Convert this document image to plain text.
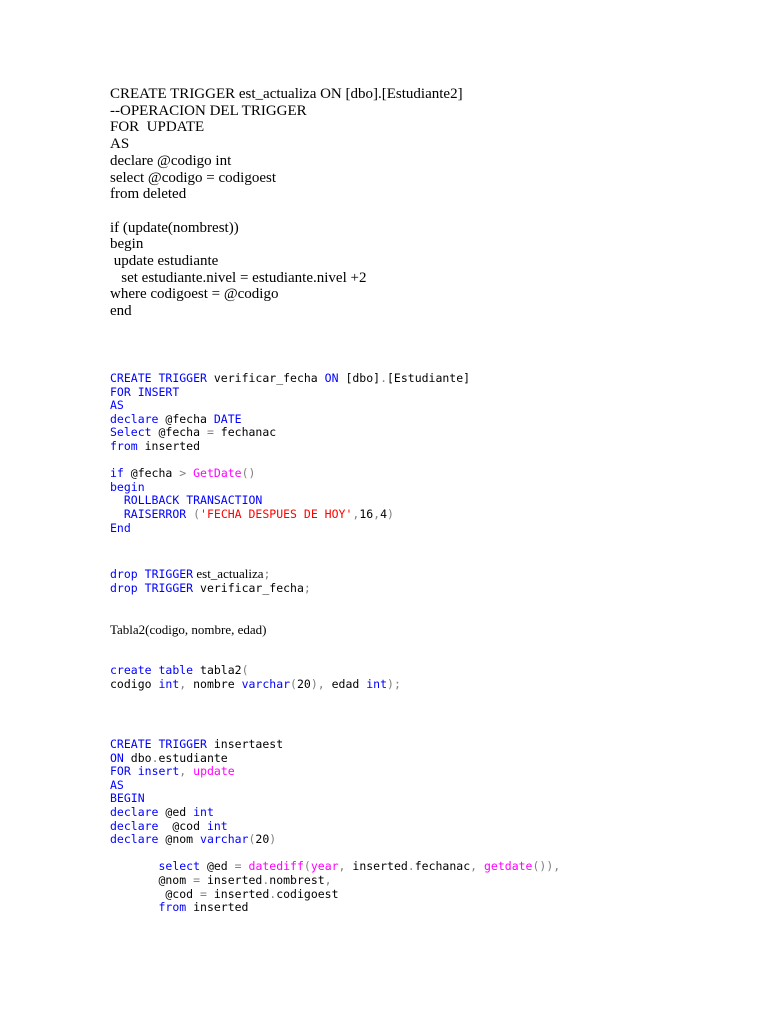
CREATE TRIGGER est_actualiza ON [dbo].[Estudiante2]
--OPERACION DEL TRIGGER
FOR  UPDATE
AS
declare @codigo int
select @codigo = codigoest
from deleted
if (update(nombrest))
begin
update estudiante
set estudiante.nivel = estudiante.nivel +2
where codigoest = @codigo
end
CREATE TRIGGER verificar_fecha ON [dbo].[Estudiante]
FOR INSERT
AS
declare @fecha DATE
Select @fecha = fechanac
from inserted
if @fecha > GetDate()
begin
ROLLBACK TRANSACTION
RAISERROR ('FECHA DESPUES DE HOY',16,4)
End
drop TRIGGER est_actualiza;
drop TRIGGER verificar_fecha;
Tabla2(codigo, nombre, edad)
create table tabla2(
codigo int, nombre varchar(20), edad int);
CREATE TRIGGER insertaest
ON dbo.estudiante
FOR insert, update
AS
BEGIN
declare @ed int
declare  @cod int
declare @nom varchar(20)
select @ed = datediff(year, inserted.fechanac, getdate()),
@nom = inserted.nombrest,
@cod = inserted.codigoest
from inserted
